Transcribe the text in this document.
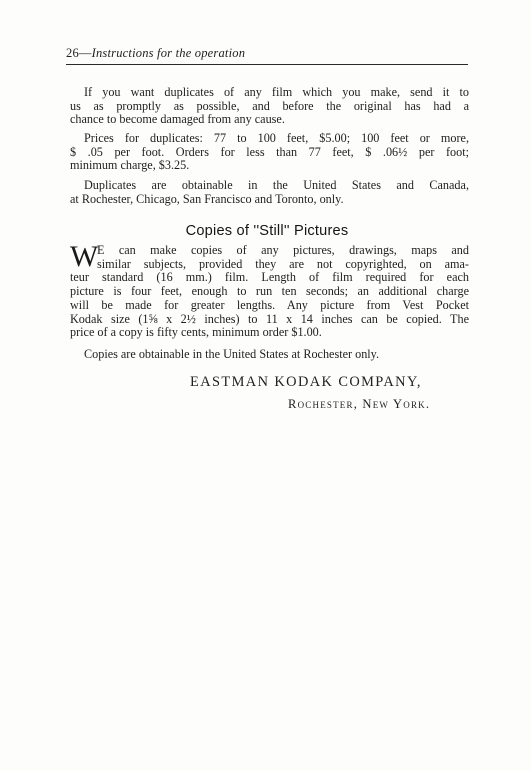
26—Instructions for the operation
If you want duplicates of any film which you make, send it to
us as promptly as possible, and before the original has had a
chance to become damaged from any cause.
Prices for duplicates: 77 to 100 feet, $5.00; 100 feet or more,
$ .05 per foot. Orders for less than 77 feet, $ .06½ per foot;
minimum charge, $3.25.
Duplicates are obtainable in the United States and Canada,
at Rochester, Chicago, San Francisco and Toronto, only.
Copies of ''Still'' Pictures
W
E can make copies of any pictures, drawings, maps and
similar subjects, provided they are not copyrighted, on ama-
teur standard (16 mm.) film. Length of film required for each
picture is four feet, enough to run ten seconds; an additional charge
will be made for greater lengths. Any picture from Vest Pocket
Kodak size (1⅝ x 2½ inches) to 11 x 14 inches can be copied. The
price of a copy is fifty cents, minimum order $1.00.
Copies are obtainable in the United States at Rochester only.
EASTMAN KODAK COMPANY,
Rochester, New York.
